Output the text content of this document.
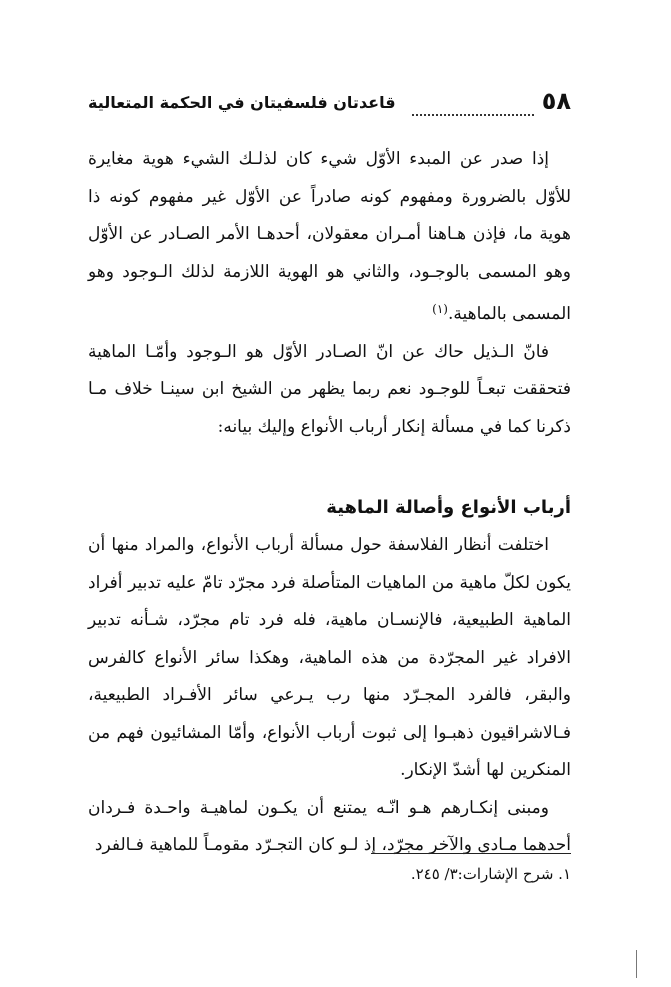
٥٨
قاعدتان فلسفيتان في الحكمة المتعالية

إذا صدر عن المبدء الأوّل شيء كان لذلـك الشيء هوية مغايرة للأوّل بالضرورة ومفهوم كونه صادراً عن الأوّل غير مفهوم كونه ذا هوية ما، فإذن هـاهنا أمـران معقولان، أحدهـا الأمر الصـادر عن الأوّل وهو المسمى بالوجـود، والثاني هو الهوية اللازمة لذلك الـوجود وهو المسمى بالماهية.$^{(١)}$

فانّ الـذيل حاك عن انّ الصـادر الأوّل هو الـوجود وأمّـا الماهية فتحققت تبعـاً للوجـود نعم ربما يظهر من الشيخ ابن سينـا خلاف مـا ذكرنا كما في مسألة إنكار أرباب الأنواع وإليك بيانه:

أرباب الأنواع وأصالة الماهية

اختلفت أنظار الفلاسفة حول مسألة أرباب الأنواع، والمراد منها أن يكون لكلّ ماهية من الماهيات المتأصلة فرد مجرّد تامّ عليه تدبير أفراد الماهية الطبيعية، فالإنسـان ماهية، فله فرد تام مجرّد، شـأنه تدبير الافراد غير المجرّدة من هذه الماهية، وهكذا سائر الأنواع كالفرس والبقر، فالفرد المجـرّد منها رب يـرعي سائر الأفـراد الطبيعية، فـالاشراقيون ذهبـوا إلى ثبوت أرباب الأنواع، وأمّا المشائيون فهم من المنكرين لها أشدّ الإنكار.

ومبنى إنكـارهم هـو انّـه يمتنع أن يكـون لماهيـة واحـدة فـردان أحدهما مـادي والآخر مجرّد، إذ لـو كان التجـرّد مقومـاً للماهية فـالفرد

١. شرح الإشارات:٣/ ٢٤٥.
